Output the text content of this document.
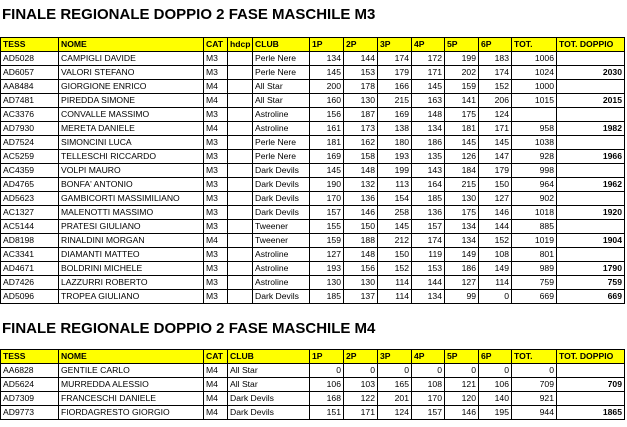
FINALE REGIONALE DOPPIO 2 FASE MASCHILE M3
TESS	NOME	CAT	hdcp	CLUB	1P	2P	3P	4P	5P	6P	TOT.	TOT. DOPPIO
AD5028	CAMPIGLI DAVIDE	M3		Perle Nere	134	144	174	172	199	183	1006	
AD6057	VALORI STEFANO	M3		Perle Nere	145	153	179	171	202	174	1024	2030
AA8484	GIORGIONE ENRICO	M4		All Star	200	178	166	145	159	152	1000	
AD7481	PIREDDA SIMONE	M4		All Star	160	130	215	163	141	206	1015	2015
AC3376	CONVALLE MASSIMO	M3		Astroline	156	187	169	148	175	124		
AD7930	MERETA DANIELE	M4		Astroline	161	173	138	134	181	171	958	1982
AD7524	SIMONCINI LUCA	M3		Perle Nere	181	162	180	186	145	145	1038	
AC5259	TELLESCHI RICCARDO	M3		Perle Nere	169	158	193	135	126	147	928	1966
AC4359	VOLPI MAURO	M3		Dark Devils	145	148	199	143	184	179	998	
AD4765	BONFA' ANTONIO	M3		Dark Devils	190	132	113	164	215	150	964	1962
AD5623	GAMBICORTI MASSIMILIANO	M3		Dark Devils	170	136	154	185	130	127	902	
AC1327	MALENOTTI MASSIMO	M3		Dark Devils	157	146	258	136	175	146	1018	1920
AC5144	PRATESI GIULIANO	M3		Tweener	155	150	145	157	134	144	885	
AD8198	RINALDINI MORGAN	M4		Tweener	159	188	212	174	134	152	1019	1904
AC3341	DIAMANTI MATTEO	M3		Astroline	127	148	150	119	149	108	801	
AD4671	BOLDRINI MICHELE	M3		Astroline	193	156	152	153	186	149	989	1790
AD7426	LAZZURRI ROBERTO	M3		Astroline	130	130	114	144	127	114	759	759
AD5096	TROPEA GIULIANO	M3		Dark Devils	185	137	114	134	99	0	669	669
FINALE REGIONALE DOPPIO 2 FASE MASCHILE M4
TESS	NOME	CAT	CLUB	1P	2P	3P	4P	5P	6P	TOT.	TOT. DOPPIO
AA6828	GENTILE CARLO	M4	All Star	0	0	0	0	0	0	0	
AD5624	MURREDDA ALESSIO	M4	All Star	106	103	165	108	121	106	709	709
AD7309	FRANCESCHI DANIELE	M4	Dark Devils	168	122	201	170	120	140	921	
AD9773	FIORDAGRESTO GIORGIO	M4	Dark Devils	151	171	124	157	146	195	944	1865
